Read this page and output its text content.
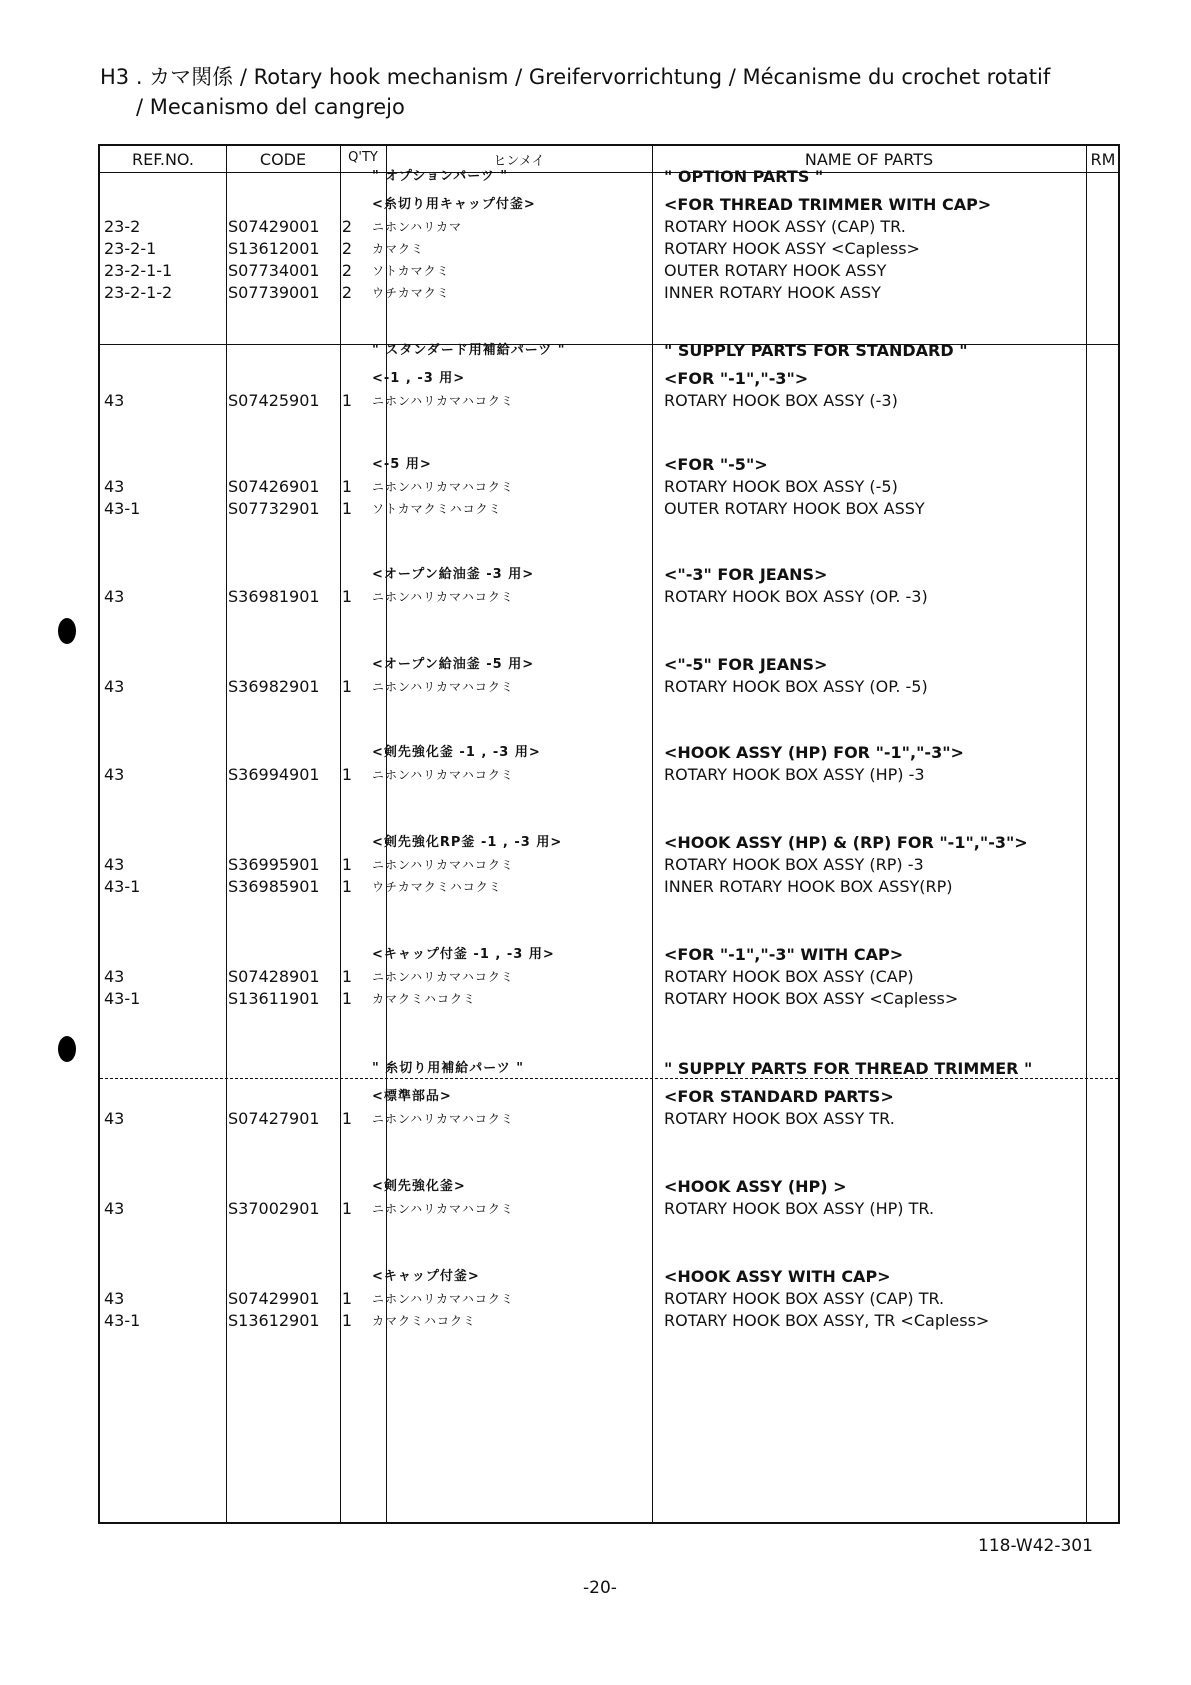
H3 . カマ関係 / Rotary hook mechanism / Greifervorrichtung / Mécanisme du crochet rotatif
/ Mecanismo del cangrejo
REF.NO.	CODE	Q'TY	ヒンメイ	NAME OF PARTS	RM
" オプションパーツ "	" OPTION PARTS "
<糸切り用キャップ付釜>	<FOR THREAD TRIMMER WITH CAP>
23-2	S07429001	2 ニホンハリカマ	ROTARY HOOK ASSY (CAP) TR.
23-2-1	S13612001	2 カマクミ	ROTARY HOOK ASSY <Capless>
23-2-1-1	S07734001	2 ソトカマクミ	OUTER ROTARY HOOK ASSY
23-2-1-2	S07739001	2 ウチカマクミ	INNER ROTARY HOOK ASSY
" スタンダード用補給パーツ "	" SUPPLY PARTS FOR STANDARD "
<-1 , -3 用>	<FOR "-1","-3">
43	S07425901	1 ニホンハリカマハコクミ	ROTARY HOOK BOX ASSY (-3)
<-5 用>	<FOR "-5">
43	S07426901	1 ニホンハリカマハコクミ	ROTARY HOOK BOX ASSY (-5)
43-1	S07732901	1 ソトカマクミハコクミ	OUTER ROTARY HOOK BOX ASSY
<オープン給油釜 -3 用>	<"-3" FOR JEANS>
43	S36981901	1 ニホンハリカマハコクミ	ROTARY HOOK BOX ASSY (OP. -3)
<オープン給油釜 -5 用>	<"-5" FOR JEANS>
43	S36982901	1 ニホンハリカマハコクミ	ROTARY HOOK BOX ASSY (OP. -5)
<剣先強化釜 -1 , -3 用>	<HOOK ASSY (HP) FOR "-1","-3">
43	S36994901	1 ニホンハリカマハコクミ	ROTARY HOOK BOX ASSY (HP) -3
<剣先強化RP釜 -1 , -3 用>	<HOOK ASSY (HP) & (RP) FOR "-1","-3">
43	S36995901	1 ニホンハリカマハコクミ	ROTARY HOOK BOX ASSY (RP) -3
43-1	S36985901	1 ウチカマクミハコクミ	INNER ROTARY HOOK BOX ASSY(RP)
<キャップ付釜 -1 , -3 用>	<FOR "-1","-3" WITH CAP>
43	S07428901	1 ニホンハリカマハコクミ	ROTARY HOOK BOX ASSY (CAP)
43-1	S13611901	1 カマクミハコクミ	ROTARY HOOK BOX ASSY <Capless>
" 糸切り用補給パーツ "	" SUPPLY PARTS FOR THREAD TRIMMER "
<標準部品>	<FOR STANDARD PARTS>
43	S07427901	1 ニホンハリカマハコクミ	ROTARY HOOK BOX ASSY TR.
<剣先強化釜>	<HOOK ASSY (HP) >
43	S37002901	1 ニホンハリカマハコクミ	ROTARY HOOK BOX ASSY (HP) TR.
<キャップ付釜>	<HOOK ASSY WITH CAP>
43	S07429901	1 ニホンハリカマハコクミ	ROTARY HOOK BOX ASSY (CAP) TR.
43-1	S13612901	1 カマクミハコクミ	ROTARY HOOK BOX ASSY, TR <Capless>
118-W42-301
-20-
